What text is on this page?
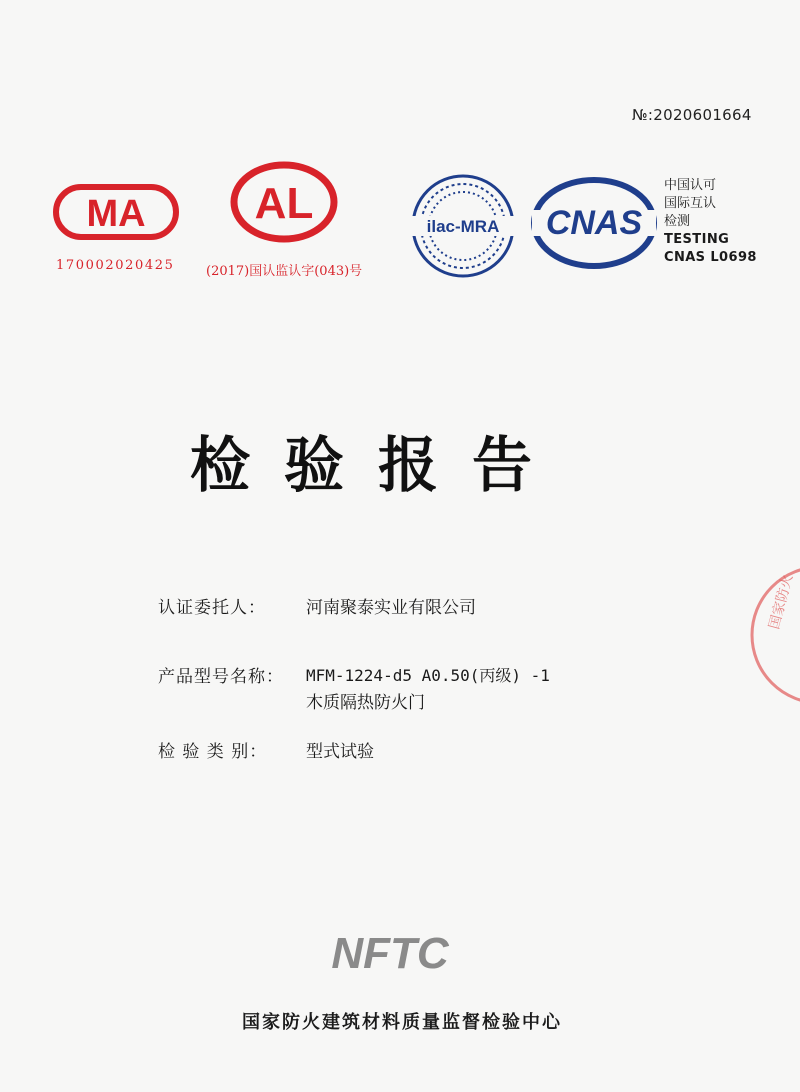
№:2020601664
MA
170002020425
AL
(2017)国认监认字(043)号
ilac-MRA CNAS
中国认可
国际互认
检测
TESTING
CNAS L0698
检验报告
认证委托人：	河南聚泰实业有限公司
产品型号名称：	MFM-1224-d5 A0.50(丙级) -1
木质隔热防火门
检 验 类 别：	型式试验
国家防火
NFTC
国家防火建筑材料质量监督检验中心
